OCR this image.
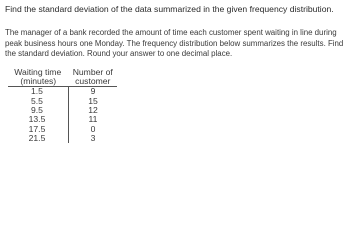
Find the standard deviation of the data summarized in the given frequency distribution.
The manager of a bank recorded the amount of time each customer spent waiting in line during
peak business hours one Monday. The frequency distribution below summarizes the results. Find
the standard deviation. Round your answer to one decimal place.
Waiting time	Number of
(minutes)	customer
1.5	9
5.5	15
9.5	12
13.5	11
17.5	0
21.5	3
